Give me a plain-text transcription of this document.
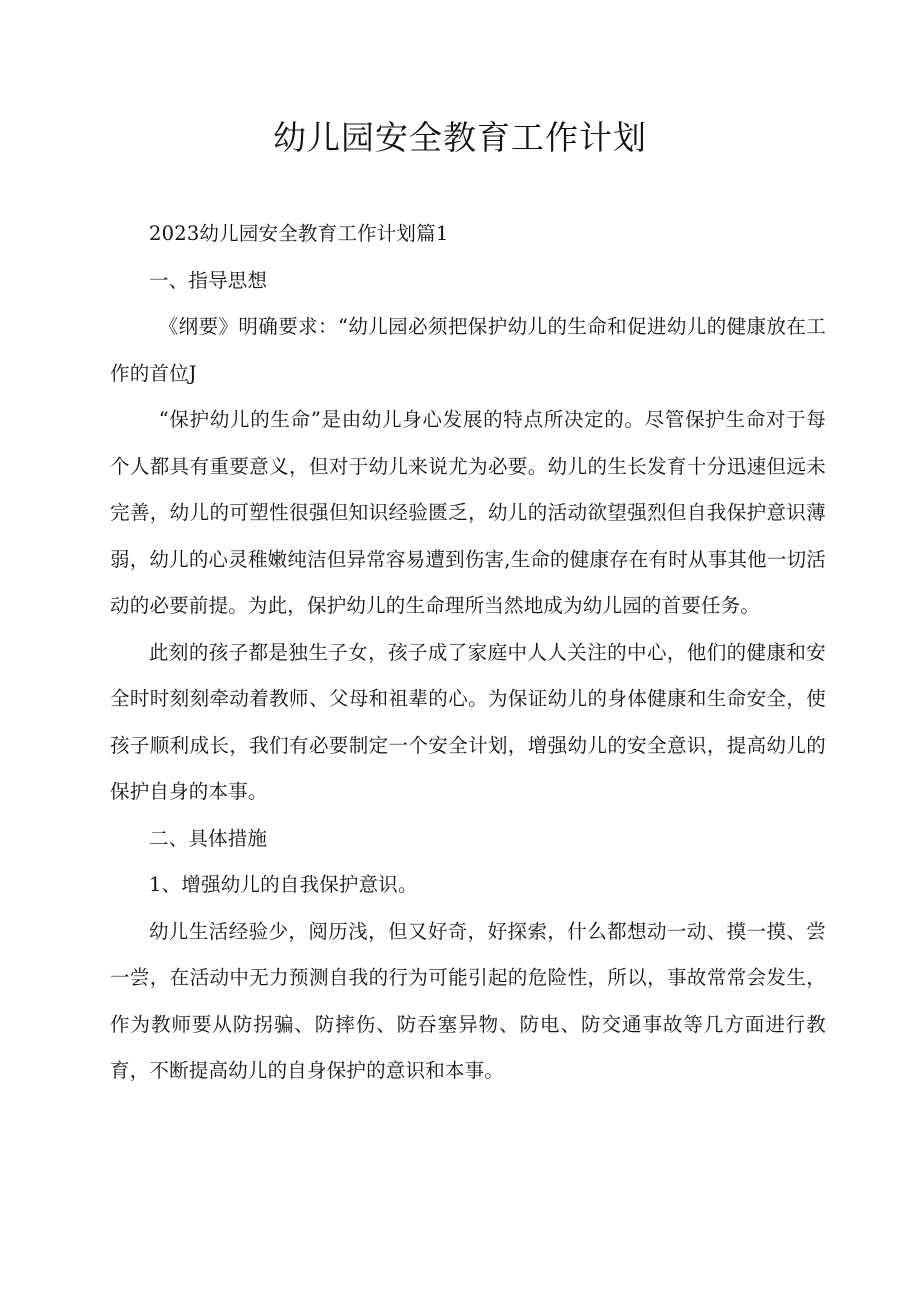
幼儿园安全教育工作计划

2023幼儿园安全教育工作计划篇1

一、指导思想

《纲要》明确要求：“幼儿园必须把保护幼儿的生命和促进幼儿的健康放在工作的首位J

“保护幼儿的生命”是由幼儿身心发展的特点所决定的。尽管保护生命对于每个人都具有重要意义，但对于幼儿来说尤为必要。幼儿的生长发育十分迅速但远未完善，幼儿的可塑性很强但知识经验匮乏，幼儿的活动欲望强烈但自我保护意识薄弱，幼儿的心灵稚嫩纯洁但异常容易遭到伤害,生命的健康存在有时从事其他一切活动的必要前提。为此，保护幼儿的生命理所当然地成为幼儿园的首要任务。

此刻的孩子都是独生子女，孩子成了家庭中人人关注的中心，他们的健康和安全时时刻刻牵动着教师、父母和祖辈的心。为保证幼儿的身体健康和生命安全，使孩子顺利成长，我们有必要制定一个安全计划，增强幼儿的安全意识，提高幼儿的保护自身的本事。

二、具体措施

1、增强幼儿的自我保护意识。

幼儿生活经验少，阅历浅，但又好奇，好探索，什么都想动一动、摸一摸、尝一尝，在活动中无力预测自我的行为可能引起的危险性，所以，事故常常会发生，作为教师要从防拐骗、防摔伤、防吞塞异物、防电、防交通事故等几方面进行教育，不断提高幼儿的自身保护的意识和本事。
